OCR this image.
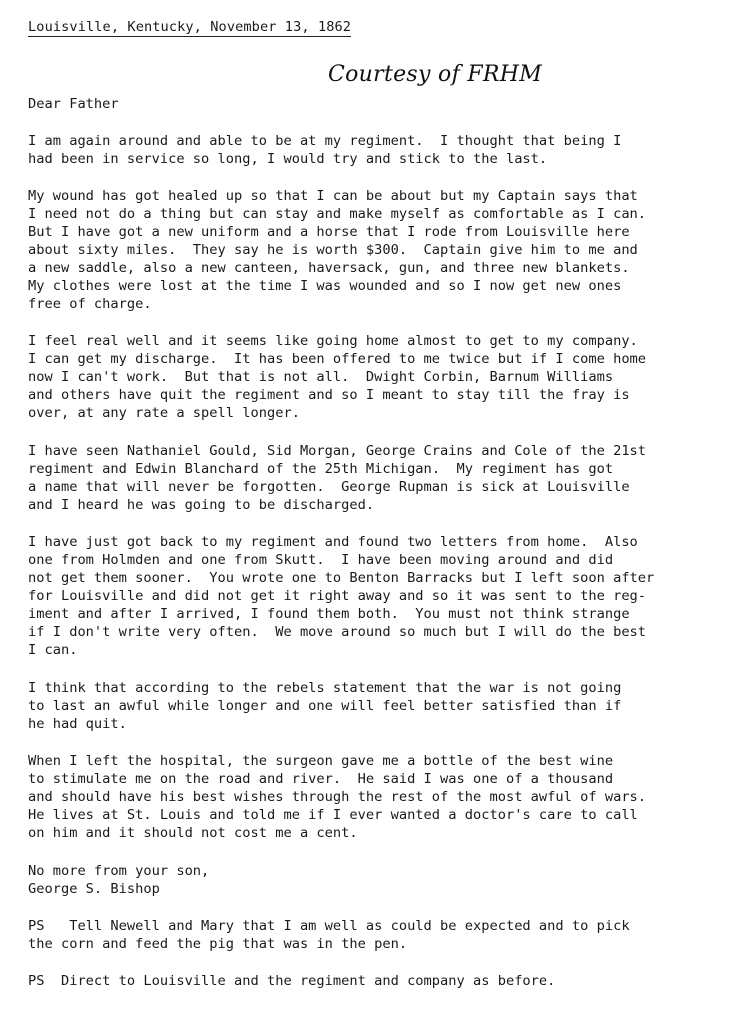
Louisville, Kentucky, November 13, 1862
Courtesy of FRHM
Dear Father
I am again around and able to be at my regiment.  I thought that being I
had been in service so long, I would try and stick to the last.
My wound has got healed up so that I can be about but my Captain says that
I need not do a thing but can stay and make myself as comfortable as I can.
But I have got a new uniform and a horse that I rode from Louisville here
about sixty miles.  They say he is worth $300.  Captain give him to me and
a new saddle, also a new canteen, haversack, gun, and three new blankets.
My clothes were lost at the time I was wounded and so I now get new ones
free of charge.
I feel real well and it seems like going home almost to get to my company.
I can get my discharge.  It has been offered to me twice but if I come home
now I can't work.  But that is not all.  Dwight Corbin, Barnum Williams
and others have quit the regiment and so I meant to stay till the fray is
over, at any rate a spell longer.
I have seen Nathaniel Gould, Sid Morgan, George Crains and Cole of the 21st
regiment and Edwin Blanchard of the 25th Michigan.  My regiment has got
a name that will never be forgotten.  George Rupman is sick at Louisville
and I heard he was going to be discharged.
I have just got back to my regiment and found two letters from home.  Also
one from Holmden and one from Skutt.  I have been moving around and did
not get them sooner.  You wrote one to Benton Barracks but I left soon after
for Louisville and did not get it right away and so it was sent to the reg-
iment and after I arrived, I found them both.  You must not think strange
if I don't write very often.  We move around so much but I will do the best
I can.
I think that according to the rebels statement that the war is not going
to last an awful while longer and one will feel better satisfied than if
he had quit.
When I left the hospital, the surgeon gave me a bottle of the best wine
to stimulate me on the road and river.  He said I was one of a thousand
and should have his best wishes through the rest of the most awful of wars.
He lives at St. Louis and told me if I ever wanted a doctor's care to call
on him and it should not cost me a cent.
No more from your son,
George S. Bishop
PS   Tell Newell and Mary that I am well as could be expected and to pick
the corn and feed the pig that was in the pen.
PS  Direct to Louisville and the regiment and company as before.
